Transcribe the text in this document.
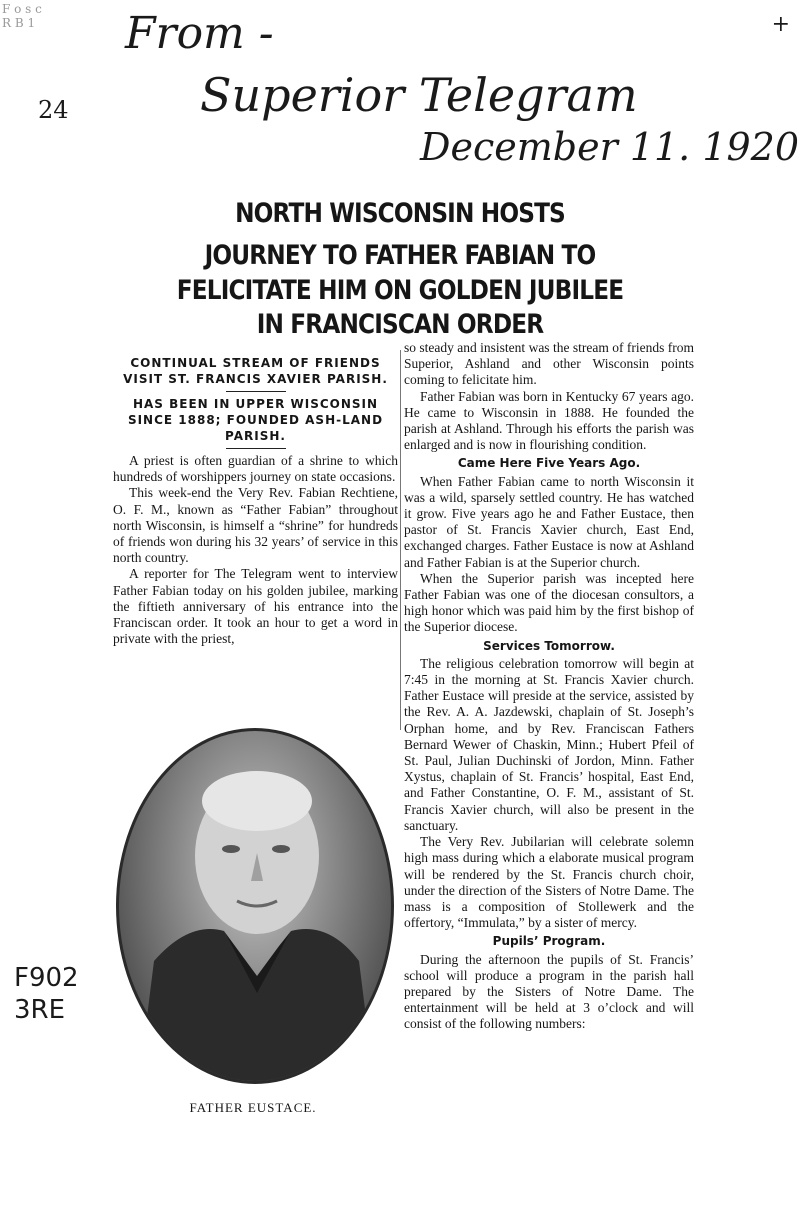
F o s c
R B 1 From -	+
24	Superior Telegram
December 11. 1920
F902
3RE
NORTH WISCONSIN HOSTS
JOURNEY TO FATHER FABIAN TO
FELICITATE HIM ON GOLDEN JUBILEE
IN FRANCISCAN ORDER

CONTINUAL STREAM OF FRIENDS VISIT ST. FRANCIS XAVIER PARISH.

HAS BEEN IN UPPER WISCONSIN SINCE 1888; FOUNDED ASH-LAND PARISH.

A priest is often guardian of a shrine to which hundreds of worshippers journey on state occasions.

This week-end the Very Rev. Fabian Rechtiene, O. F. M., known as “Father Fabian” throughout north Wisconsin, is himself a “shrine” for hundreds of friends won during his 32 years’ of service in this north country.

A reporter for The Telegram went to interview Father Fabian today on his golden jubilee, marking the fiftieth anniversary of his entrance into the Franciscan order. It took an hour to get a word in private with the priest,

FATHER EUSTACE.

so steady and insistent was the stream of friends from Superior, Ashland and other Wisconsin points coming to felicitate him.

Father Fabian was born in Kentucky 67 years ago. He came to Wisconsin in 1888. He founded the parish at Ashland. Through his efforts the parish was enlarged and is now in flourishing condition.

Came Here Five Years Ago.

When Father Fabian came to north Wisconsin it was a wild, sparsely settled country. He has watched it grow. Five years ago he and Father Eustace, then pastor of St. Francis Xavier church, East End, exchanged charges. Father Eustace is now at Ashland and Father Fabian is at the Superior church.

When the Superior parish was incepted here Father Fabian was one of the diocesan consultors, a high honor which was paid him by the first bishop of the Superior diocese.

Services Tomorrow.

The religious celebration tomorrow will begin at 7:45 in the morning at St. Francis Xavier church. Father Eustace will preside at the service, assisted by the Rev. A. A. Jazdewski, chaplain of St. Joseph’s Orphan home, and by Rev. Franciscan Fathers Bernard Wewer of Chaskin, Minn.; Hubert Pfeil of St. Paul, Julian Duchinski of Jordon, Minn. Father Xystus, chaplain of St. Francis’ hospital, East End, and Father Constantine, O. F. M., assistant of St. Francis Xavier church, will also be present in the sanctuary.

The Very Rev. Jubilarian will celebrate solemn high mass during which a elaborate musical program will be rendered by the St. Francis church choir, under the direction of the Sisters of Notre Dame. The mass is a composition of Stollewerk and the offertory, “Immulata,” by a sister of mercy.

Pupils’ Program.

During the afternoon the pupils of St. Francis’ school will produce a program in the parish hall prepared by the Sisters of Notre Dame. The entertainment will be held at 3 o’clock and will consist of the following numbers:
